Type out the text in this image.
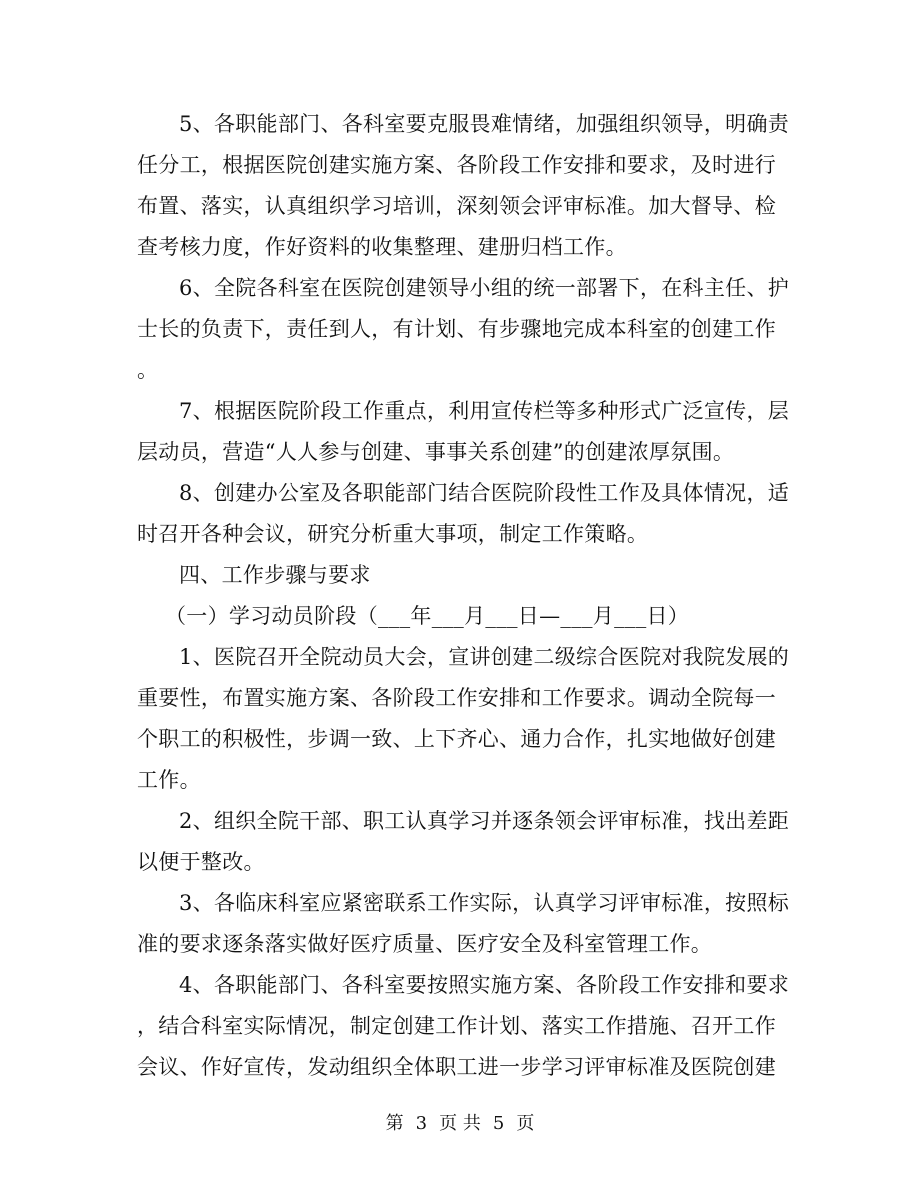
5、各职能部门、各科室要克服畏难情绪，加强组织领导，明确责
任分工，根据医院创建实施方案、各阶段工作安排和要求，及时进行
布置、落实，认真组织学习培训，深刻领会评审标准。加大督导、检
查考核力度，作好资料的收集整理、建册归档工作。
6、全院各科室在医院创建领导小组的统一部署下，在科主任、护
士长的负责下，责任到人，有计划、有步骤地完成本科室的创建工作
。
7、根据医院阶段工作重点，利用宣传栏等多种形式广泛宣传，层
层动员，营造“人人参与创建、事事关系创建”的创建浓厚氛围。
8、创建办公室及各职能部门结合医院阶段性工作及具体情况，适
时召开各种会议，研究分析重大事项，制定工作策略。
四、工作步骤与要求
（一）学习动员阶段（___年___月___日—___月___日）
1、医院召开全院动员大会，宣讲创建二级综合医院对我院发展的
重要性，布置实施方案、各阶段工作安排和工作要求。调动全院每一
个职工的积极性，步调一致、上下齐心、通力合作，扎实地做好创建
工作。
2、组织全院干部、职工认真学习并逐条领会评审标准，找出差距
以便于整改。
3、各临床科室应紧密联系工作实际，认真学习评审标准，按照标
准的要求逐条落实做好医疗质量、医疗安全及科室管理工作。
4、各职能部门、各科室要按照实施方案、各阶段工作安排和要求
，结合科室实际情况，制定创建工作计划、落实工作措施、召开工作
会议、作好宣传，发动组织全体职工进一步学习评审标准及医院创建
第 3 页 共 5 页
